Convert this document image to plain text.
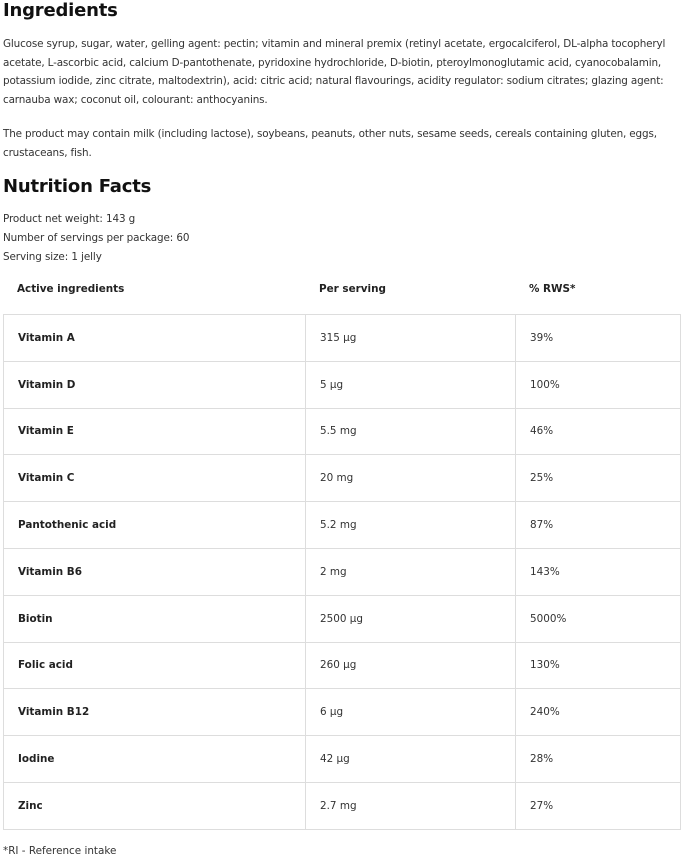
Ingredients

Glucose syrup, sugar, water, gelling agent: pectin; vitamin and mineral premix (retinyl acetate, ergocalciferol, DL-alpha tocopheryl acetate, L-ascorbic acid, calcium D-pantothenate, pyridoxine hydrochloride, D-biotin, pteroylmonoglutamic acid, cyanocobalamin, potassium iodide, zinc citrate, maltodextrin), acid: citric acid; natural flavourings, acidity regulator: sodium citrates; glazing agent: carnauba wax; coconut oil, colourant: anthocyanins.

The product may contain milk (including lactose), soybeans, peanuts, other nuts, sesame seeds, cereals containing gluten, eggs, crustaceans, fish.

Nutrition Facts
Product net weight: 143 g
Number of servings per package: 60
Serving size: 1 jelly
Active ingredients	Per serving	% RWS*
Vitamin A	315 µg	39%
Vitamin D	5 µg	100%
Vitamin E	5.5 mg	46%
Vitamin C	20 mg	25%
Pantothenic acid	5.2 mg	87%
Vitamin B6	2 mg	143%
Biotin	2500 µg	5000%
Folic acid	260 µg	130%
Vitamin B12	6 µg	240%
Iodine	42 µg	28%
Zinc	2.7 mg	27%
*RI - Reference intake
